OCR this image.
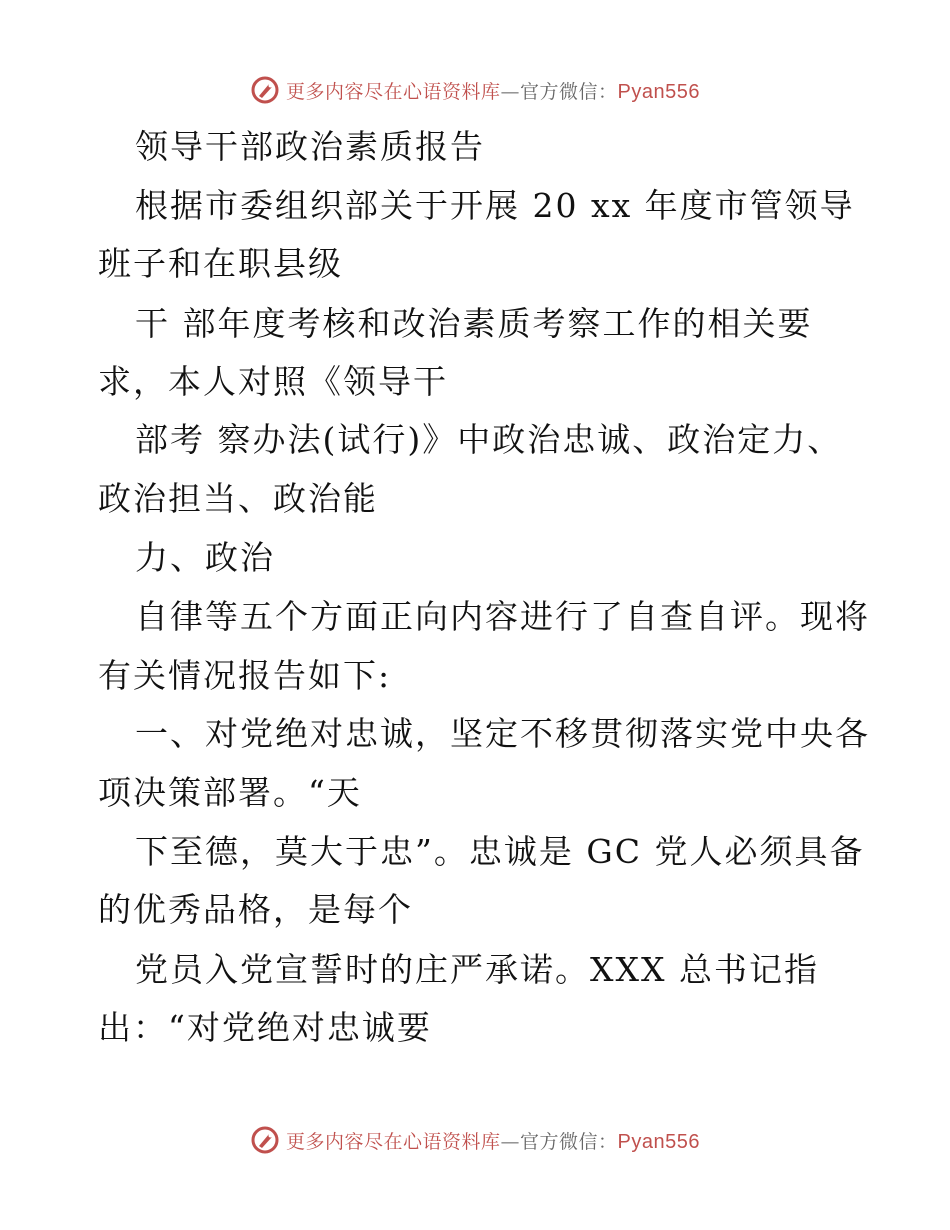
更多内容尽在心语资料库—官方微信：Pyan556
领导干部政治素质报告
根据市委组织部关于开展 20 xx 年度市管领导
班子和在职县级
干 部年度考核和改治素质考察工作的相关要
求，本人对照《领导干
部考 察办法(试行)》中政治忠诚、政治定力、
政治担当、政治能
力、政治
自律等五个方面正向内容进行了自查自评。现将
有关情况报告如下:
一、对党绝对忠诚，坚定不移贯彻落实党中央各
项决策部署。“天
下至德，莫大于忠”。忠诚是 GC 党人必须具备
的优秀品格，是每个
党员入党宣誓时的庄严承诺。XXX 总书记指
出：“对党绝对忠诚要
更多内容尽在心语资料库—官方微信：Pyan556
